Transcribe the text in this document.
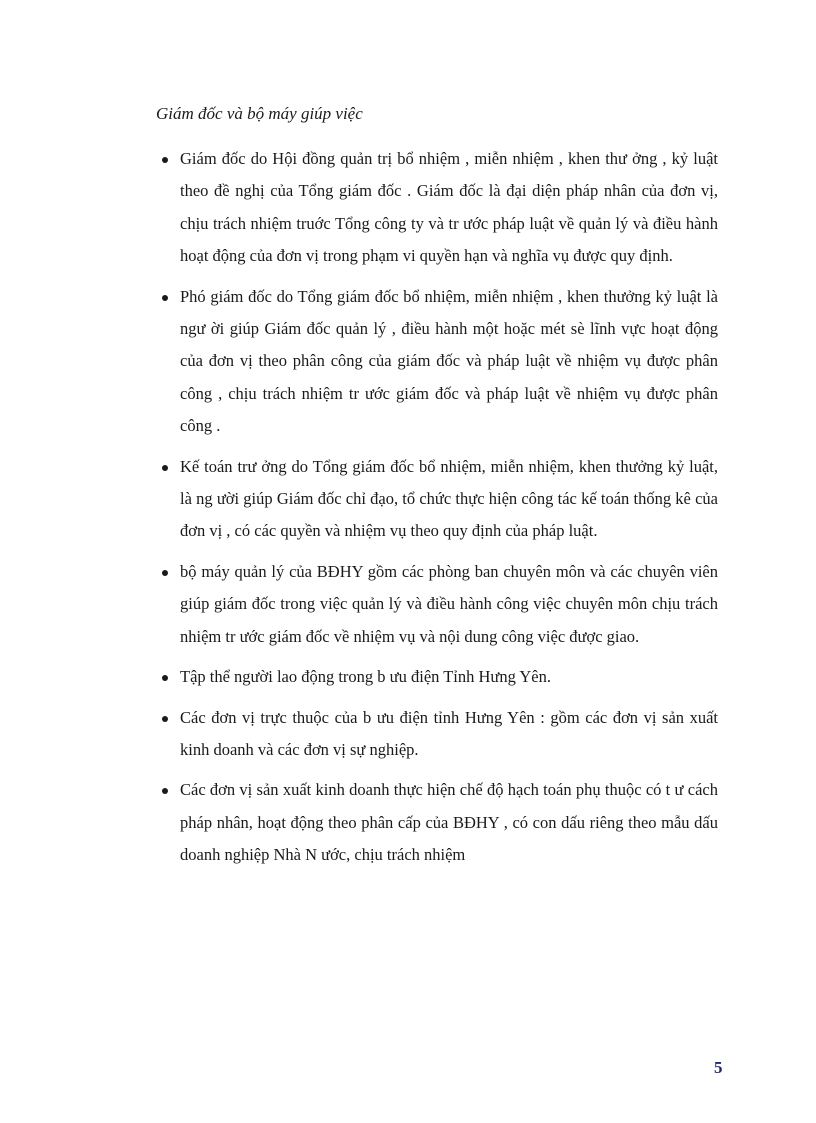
Giám đốc và bộ máy giúp việc
Giám đốc do Hội đồng quản trị bổ nhiệm , miễn nhiệm , khen thư ởng , kỷ luật theo đề nghị của Tổng giám đốc . Giám đốc là đại diện pháp nhân của đơn vị, chịu trách nhiệm truớc Tổng công ty và tr ước pháp luật về quản lý và điều hành hoạt động của đơn vị trong phạm vi quyền hạn và nghĩa vụ được quy định.
Phó giám đốc do Tổng giám đốc bổ nhiệm, miễn nhiệm , khen thưởng kỷ luật là ngư ời giúp Giám đốc quản lý , điều hành một hoặc mét sè lĩnh vực hoạt động của đơn vị theo phân công của giám đốc và pháp luật về nhiệm vụ được phân công , chịu trách nhiệm tr ước giám đốc và pháp luật về nhiệm vụ được phân công .
Kế toán trư ởng do Tổng giám đốc bổ nhiệm, miễn nhiệm, khen thưởng kỷ luật, là ng ười giúp Giám đốc chỉ đạo, tổ chức thực hiện công tác kế toán thống kê của đơn vị , có các quyền và nhiệm vụ theo quy định của pháp luật.
bộ máy quản lý của BĐHY gồm các phòng ban chuyên môn và các chuyên viên giúp giám đốc trong việc quản lý và điều hành công việc chuyên môn chịu trách nhiệm tr ước giám đốc về nhiệm vụ và nội dung công việc được giao.
Tập thể người lao động trong b ưu điện Tỉnh Hưng Yên.
Các đơn vị trực thuộc của b ưu điện tỉnh Hưng Yên : gồm các đơn vị sản xuất kinh doanh và các đơn vị sự nghiệp.
Các đơn vị sản xuất kinh doanh thực hiện chế độ hạch toán phụ thuộc có t ư cách pháp nhân, hoạt động theo phân cấp của BĐHY , có con dấu riêng theo mẫu dấu doanh nghiệp Nhà N ước, chịu trách nhiệm
5
